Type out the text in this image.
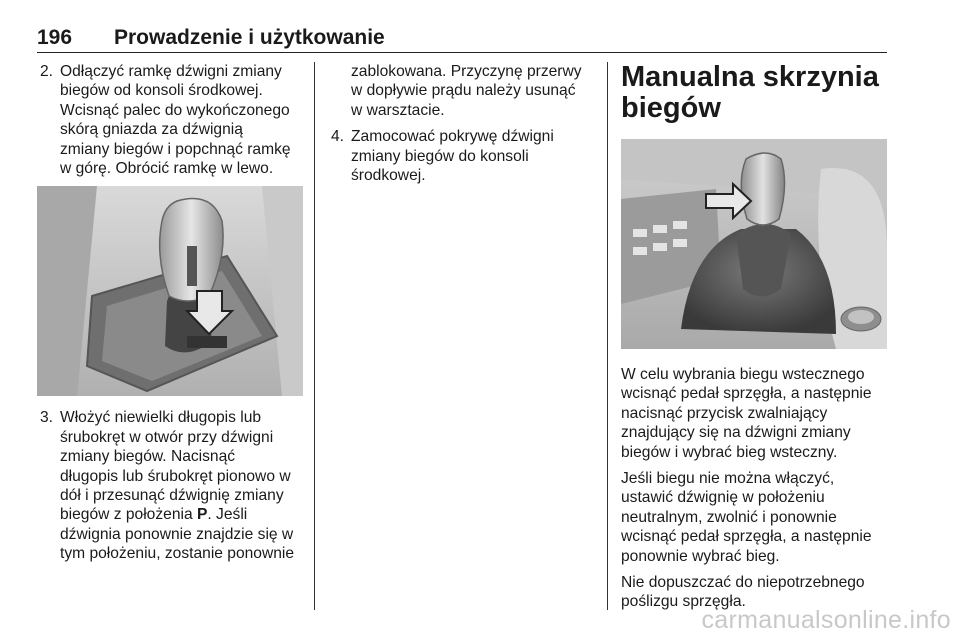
196 Prowadzenie i użytkowanie
2. Odłączyć ramkę dźwigni zmiany
biegów od konsoli środkowej.
Wcisnąć palec do wykończonego
skórą gniazda za dźwignią
zmiany biegów i popchnąć ramkę
w górę. Obrócić ramkę w lewo.
3. Włożyć niewielki długopis lub
śrubokręt w otwór przy dźwigni
zmiany biegów. Nacisnąć
długopis lub śrubokręt pionowo w
dół i przesunąć dźwignię zmiany
biegów z położenia P. Jeśli
dźwignia ponownie znajdzie się w
tym położeniu, zostanie ponownie
zablokowana. Przyczynę przerwy
w dopływie prądu należy usunąć
w warsztacie.
4. Zamocować pokrywę dźwigni
zmiany biegów do konsoli
środkowej.
Manualna skrzynia
biegów
W celu wybrania biegu wstecznego
wcisnąć pedał sprzęgła, a następnie
nacisnąć przycisk zwalniający
znajdujący się na dźwigni zmiany
biegów i wybrać bieg wsteczny.
Jeśli biegu nie można włączyć,
ustawić dźwignię w położeniu
neutralnym, zwolnić i ponownie
wcisnąć pedał sprzęgła, a następnie
ponownie wybrać bieg.
Nie dopuszczać do niepotrzebnego
poślizgu sprzęgła.
carmanualsonline.info
